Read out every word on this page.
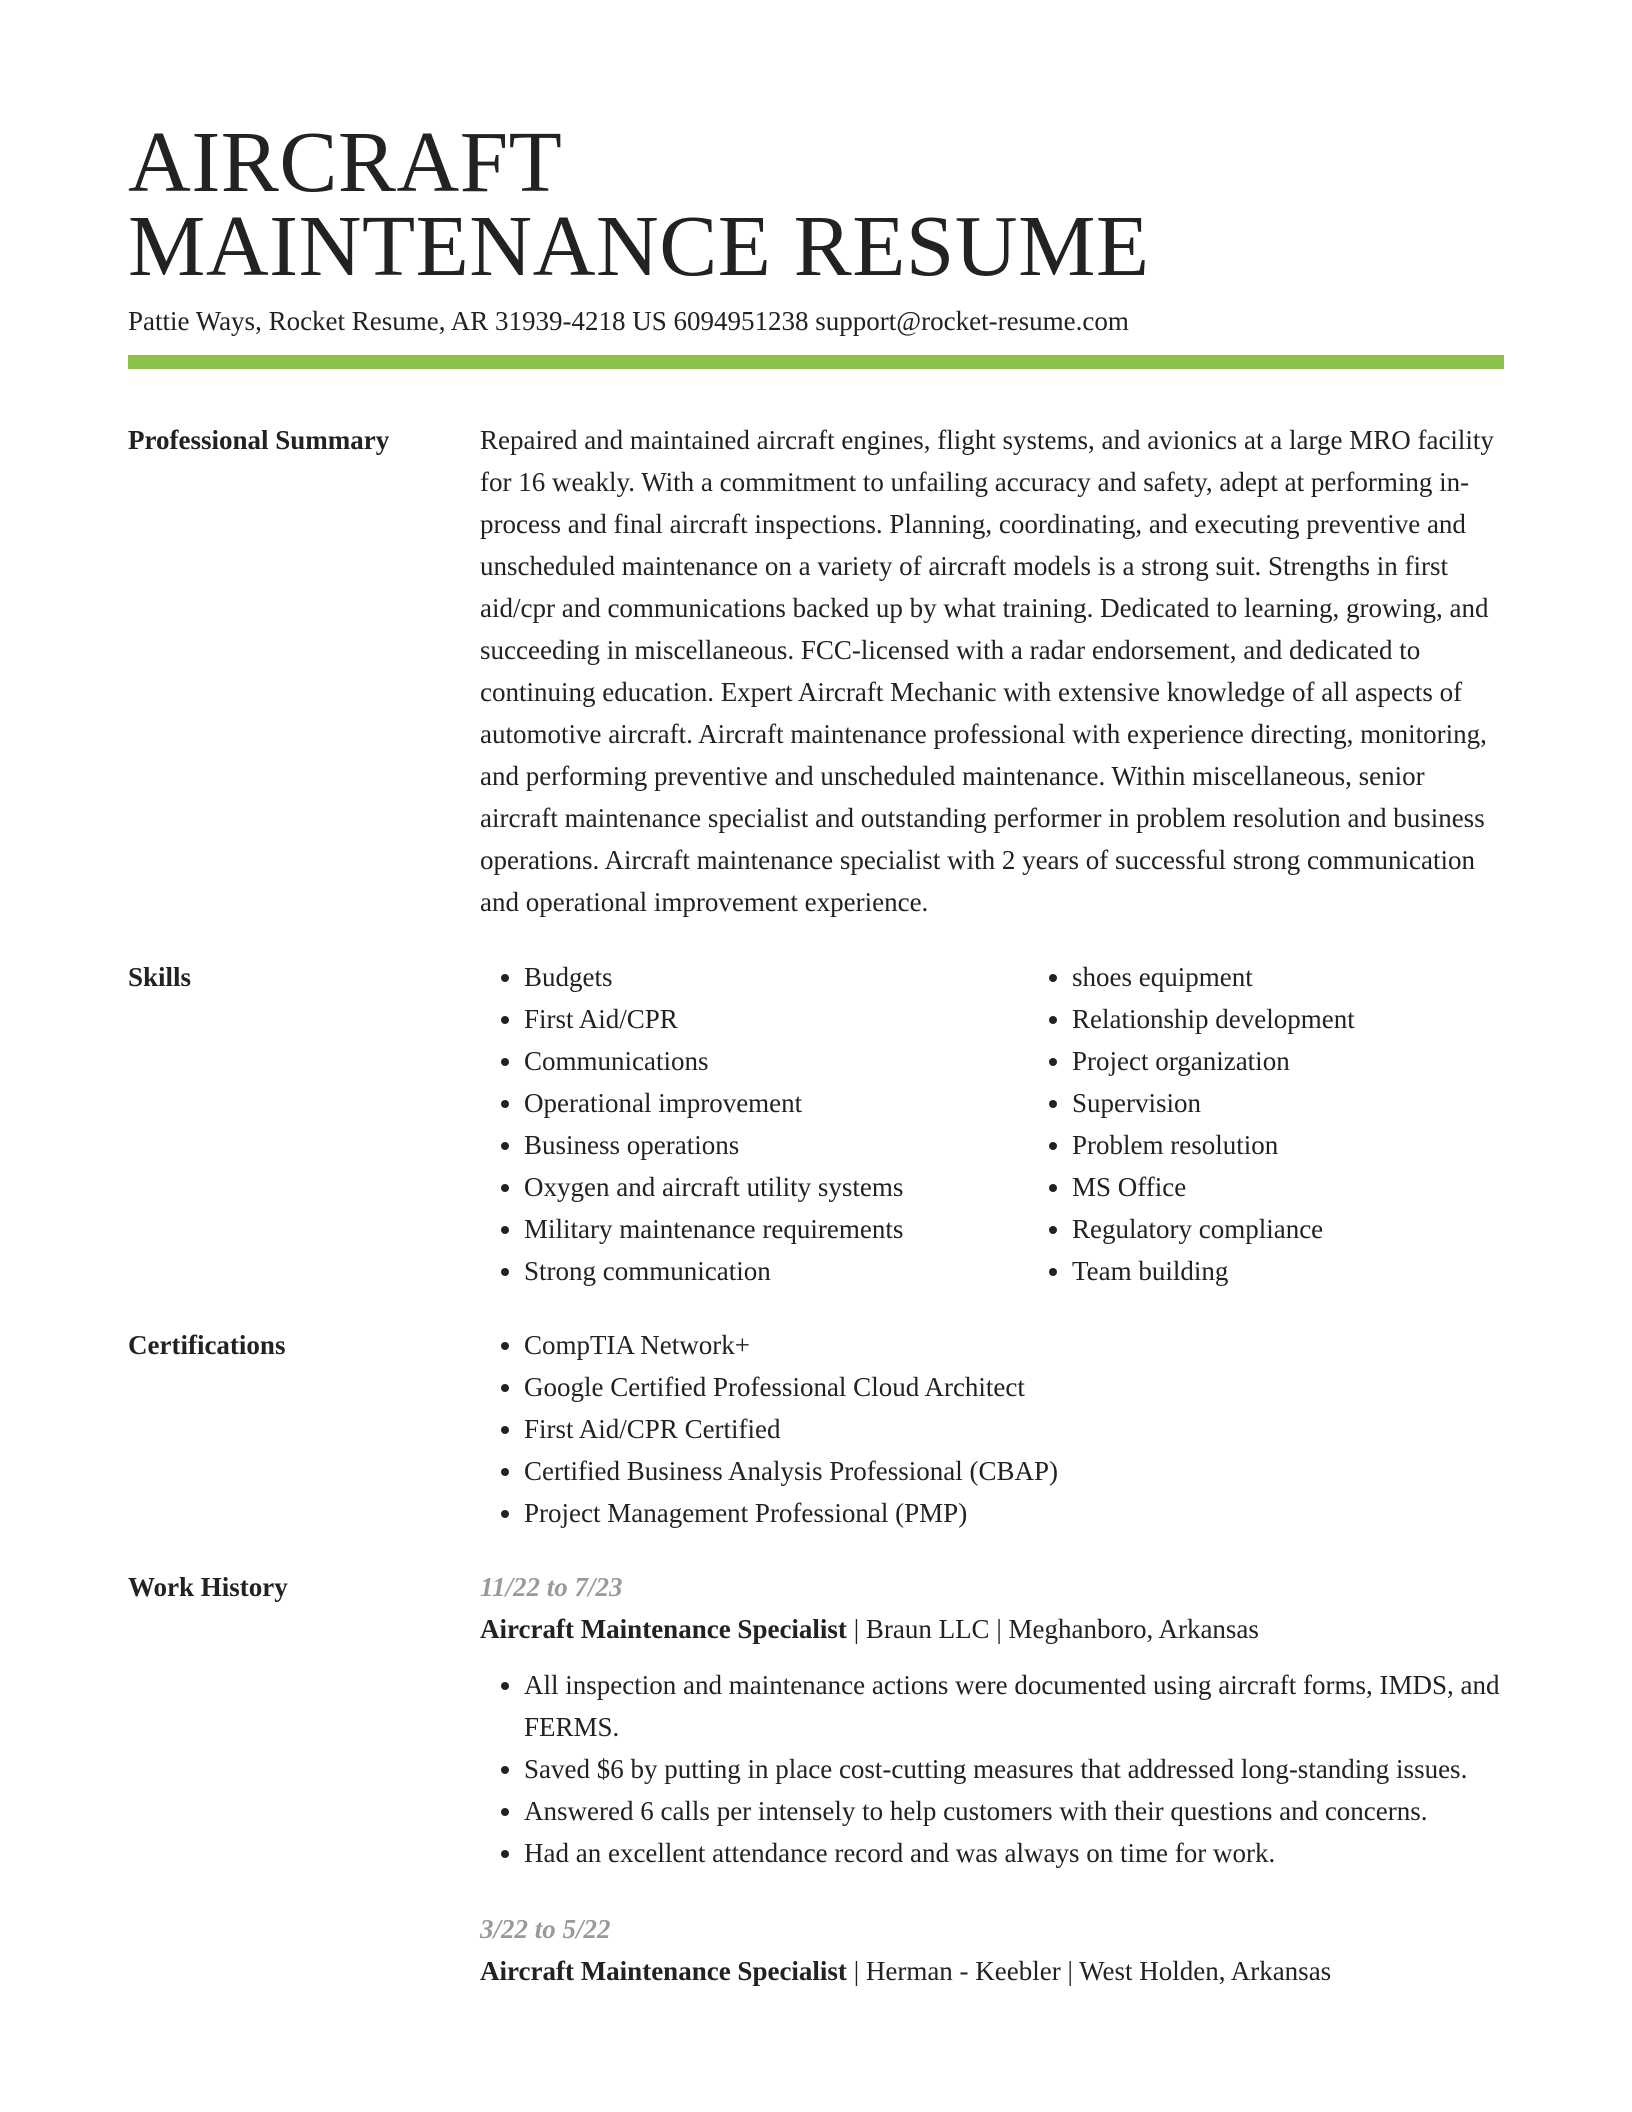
AIRCRAFT
MAINTENANCE RESUME
Pattie Ways, Rocket Resume, AR 31939-4218 US 6094951238 support@rocket-resume.com
Professional Summary	Repaired and maintained aircraft engines, flight systems, and avionics at a large MRO facility for 16 weakly. With a commitment to unfailing accuracy and safety, adept at performing in-process and final aircraft inspections. Planning, coordinating, and executing preventive and unscheduled maintenance on a variety of aircraft models is a strong suit. Strengths in first aid/cpr and communications backed up by what training. Dedicated to learning, growing, and succeeding in miscellaneous. FCC-licensed with a radar endorsement, and dedicated to continuing education. Expert Aircraft Mechanic with extensive knowledge of all aspects of automotive aircraft. Aircraft maintenance professional with experience directing, monitoring, and performing preventive and unscheduled maintenance. Within miscellaneous, senior aircraft maintenance specialist and outstanding performer in problem resolution and business operations. Aircraft maintenance specialist with 2 years of successful strong communication and operational improvement experience.

Skills	• Budgets
• First Aid/CPR
• Communications
• Operational improvement
• Business operations
• Oxygen and aircraft utility systems
• Military maintenance requirements
• Strong communication
• shoes equipment
• Relationship development
• Project organization
• Supervision
• Problem resolution
• MS Office
• Regulatory compliance
• Team building
Certifications	• CompTIA Network+
• Google Certified Professional Cloud Architect
• First Aid/CPR Certified
• Certified Business Analysis Professional (CBAP)
• Project Management Professional (PMP)
Work History	11/22 to 7/23
Aircraft Maintenance Specialist | Braun LLC | Meghanboro, Arkansas
• All inspection and maintenance actions were documented using aircraft forms, IMDS, and FERMS.
• Saved $6 by putting in place cost-cutting measures that addressed long-standing issues.
• Answered 6 calls per intensely to help customers with their questions and concerns.
• Had an excellent attendance record and was always on time for work.
3/22 to 5/22
Aircraft Maintenance Specialist | Herman - Keebler | West Holden, Arkansas
